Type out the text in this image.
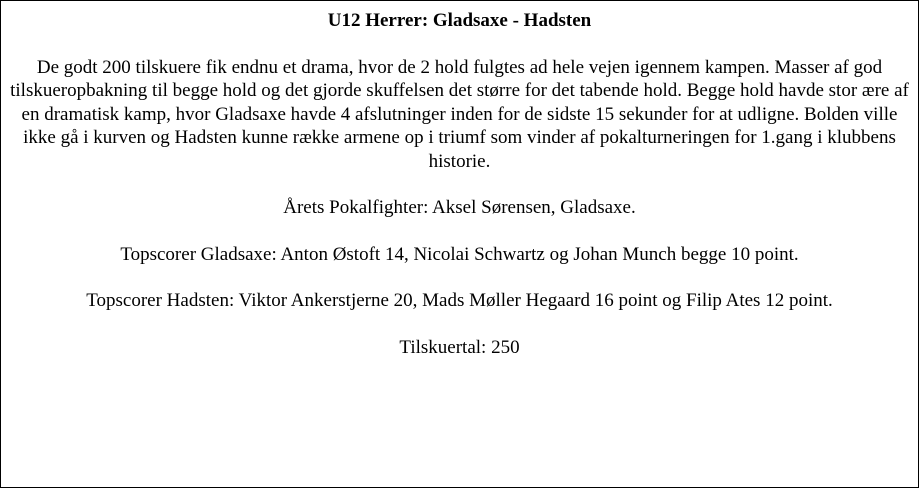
U12 Herrer: Gladsaxe - Hadsten

De godt 200 tilskuere fik endnu et drama, hvor de 2 hold fulgtes ad hele vejen igennem kampen. Masser af god tilskueropbakning til begge hold og det gjorde skuffelsen det større for det tabende hold. Begge hold havde stor ære af en dramatisk kamp, hvor Gladsaxe havde 4 afslutninger inden for de sidste 15 sekunder for at udligne. Bolden ville ikke gå i kurven og Hadsten kunne række armene op i triumf som vinder af pokalturneringen for 1.gang i klubbens historie.

Årets Pokalfighter: Aksel Sørensen, Gladsaxe.

Topscorer Gladsaxe: Anton Østoft 14, Nicolai Schwartz og Johan Munch begge 10 point.

Topscorer Hadsten: Viktor Ankerstjerne 20, Mads Møller Hegaard 16 point og Filip Ates 12 point.

Tilskuertal: 250
